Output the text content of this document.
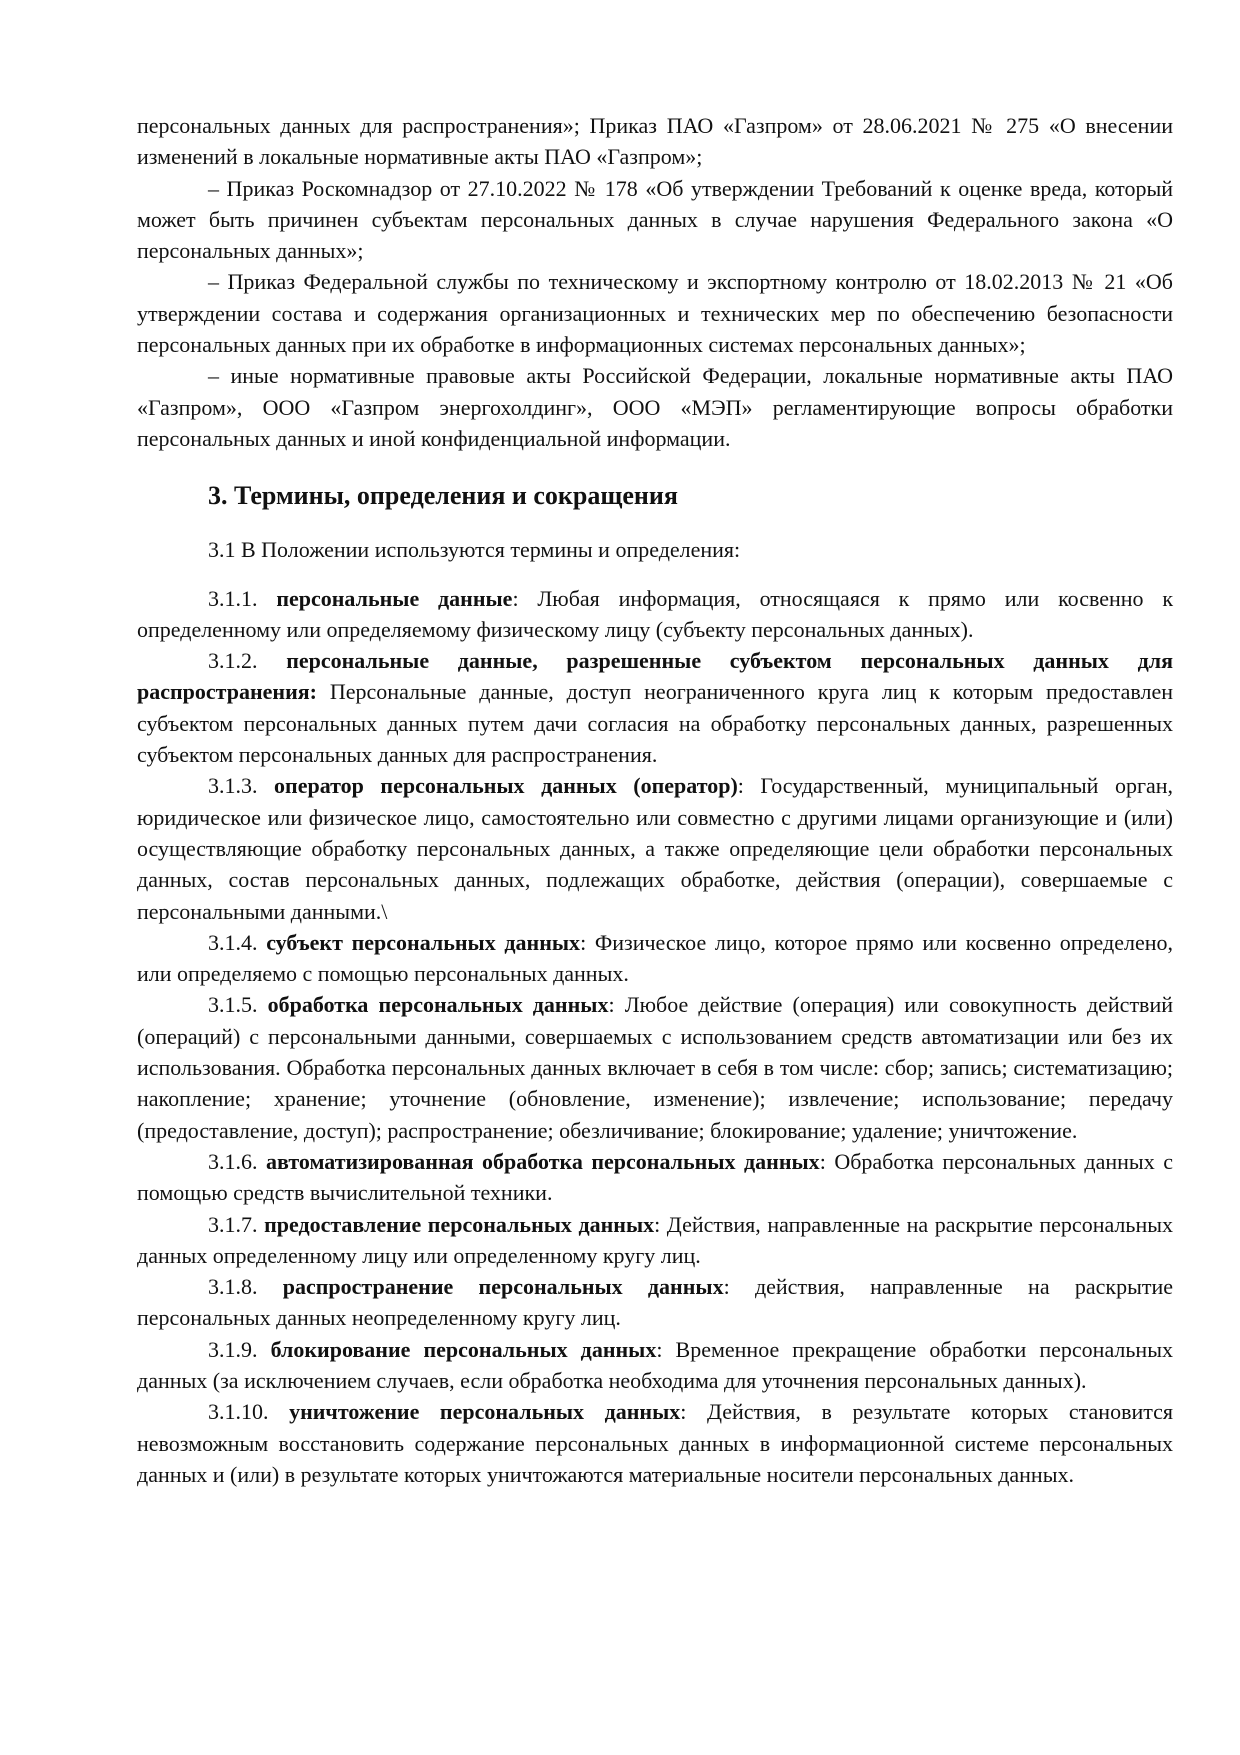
персональных данных для распространения»; Приказ ПАО «Газпром» от 28.06.2021 № 275 «О внесении изменений в локальные нормативные акты ПАО «Газпром»;

– Приказ Роскомнадзор от 27.10.2022 № 178 «Об утверждении Требований к оценке вреда, который может быть причинен субъектам персональных данных в случае нарушения Федерального закона «О персональных данных»;

– Приказ Федеральной службы по техническому и экспортному контролю от 18.02.2013 № 21 «Об утверждении состава и содержания организационных и технических мер по обеспечению безопасности персональных данных при их обработке в информационных системах персональных данных»;

– иные нормативные правовые акты Российской Федерации, локальные нормативные акты ПАО «Газпром», ООО «Газпром энергохолдинг», ООО «МЭП» регламентирующие вопросы обработки персональных данных и иной конфиденциальной информации.

3. Термины, определения и сокращения

3.1 В Положении используются термины и определения:

3.1.1. персональные данные: Любая информация, относящаяся к прямо или косвенно к определенному или определяемому физическому лицу (субъекту персональных данных).

3.1.2. персональные данные, разрешенные субъектом персональных данных для распространения: Персональные данные, доступ неограниченного круга лиц к которым предоставлен субъектом персональных данных путем дачи согласия на обработку персональных данных, разрешенных субъектом персональных данных для распространения.

3.1.3. оператор персональных данных (оператор): Государственный, муниципальный орган, юридическое или физическое лицо, самостоятельно или совместно с другими лицами организующие и (или) осуществляющие обработку персональных данных, а также определяющие цели обработки персональных данных, состав персональных данных, подлежащих обработке, действия (операции), совершаемые с персональными данными.\

3.1.4. субъект персональных данных: Физическое лицо, которое прямо или косвенно определено, или определяемо с помощью персональных данных.

3.1.5. обработка персональных данных: Любое действие (операция) или совокупность действий (операций) с персональными данными, совершаемых с использованием средств автоматизации или без их использования. Обработка персональных данных включает в себя в том числе: сбор; запись; систематизацию; накопление; хранение; уточнение (обновление, изменение); извлечение; использование; передачу (предоставление, доступ); распространение; обезличивание; блокирование; удаление; уничтожение.

3.1.6. автоматизированная обработка персональных данных: Обработка персональных данных с помощью средств вычислительной техники.

3.1.7. предоставление персональных данных: Действия, направленные на раскрытие персональных данных определенному лицу или определенному кругу лиц.

3.1.8. распространение персональных данных: действия, направленные на раскрытие персональных данных неопределенному кругу лиц.

3.1.9. блокирование персональных данных: Временное прекращение обработки персональных данных (за исключением случаев, если обработка необходима для уточнения персональных данных).

3.1.10. уничтожение персональных данных: Действия, в результате которых становится невозможным восстановить содержание персональных данных в информационной системе персональных данных и (или) в результате которых уничтожаются материальные носители персональных данных.
